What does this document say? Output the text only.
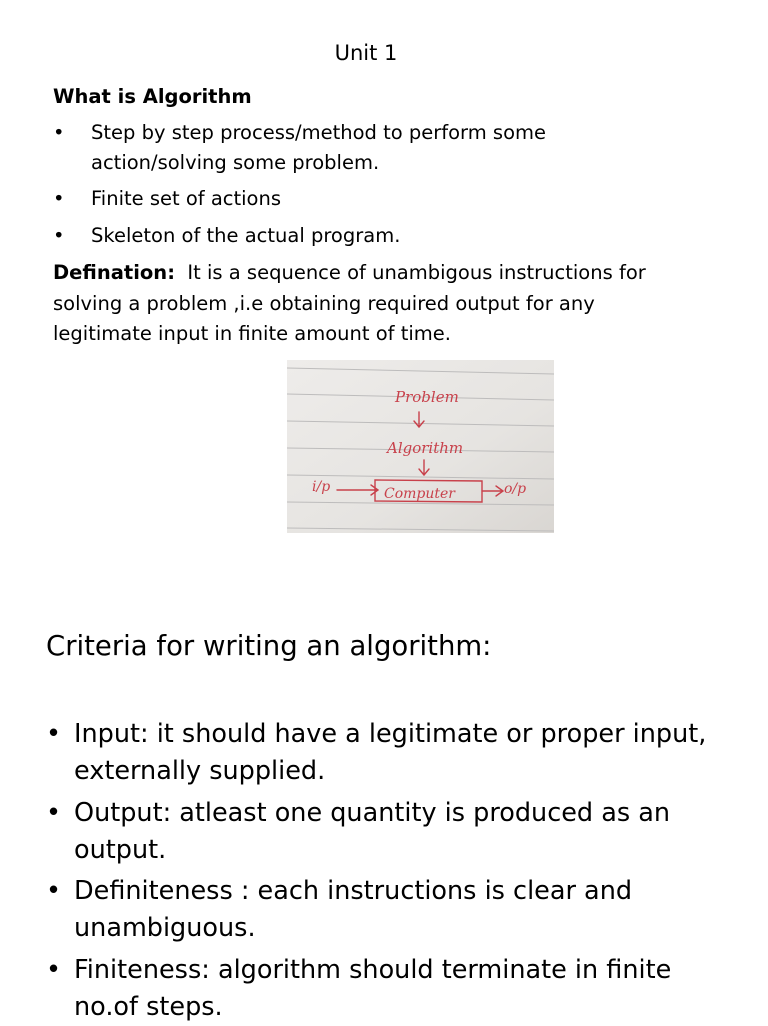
Unit 1
What is Algorithm
• Step by step process/method to perform some
action/solving some problem.
• Finite set of actions
• Skeleton of the actual program.
Defination: It is a sequence of unambigous instructions for
solving a problem ,i.e obtaining required output for any
legitimate input in finite amount of time.
Problem
Algorithm
i/p	Computer	o/p
Criteria for writing an algorithm:
• Input: it should have a legitimate or proper input,
externally supplied.
• Output: atleast one quantity is produced as an
output.
• Definiteness : each instructions is clear and
unambiguous.
• Finiteness: algorithm should terminate in finite
no.of steps.
